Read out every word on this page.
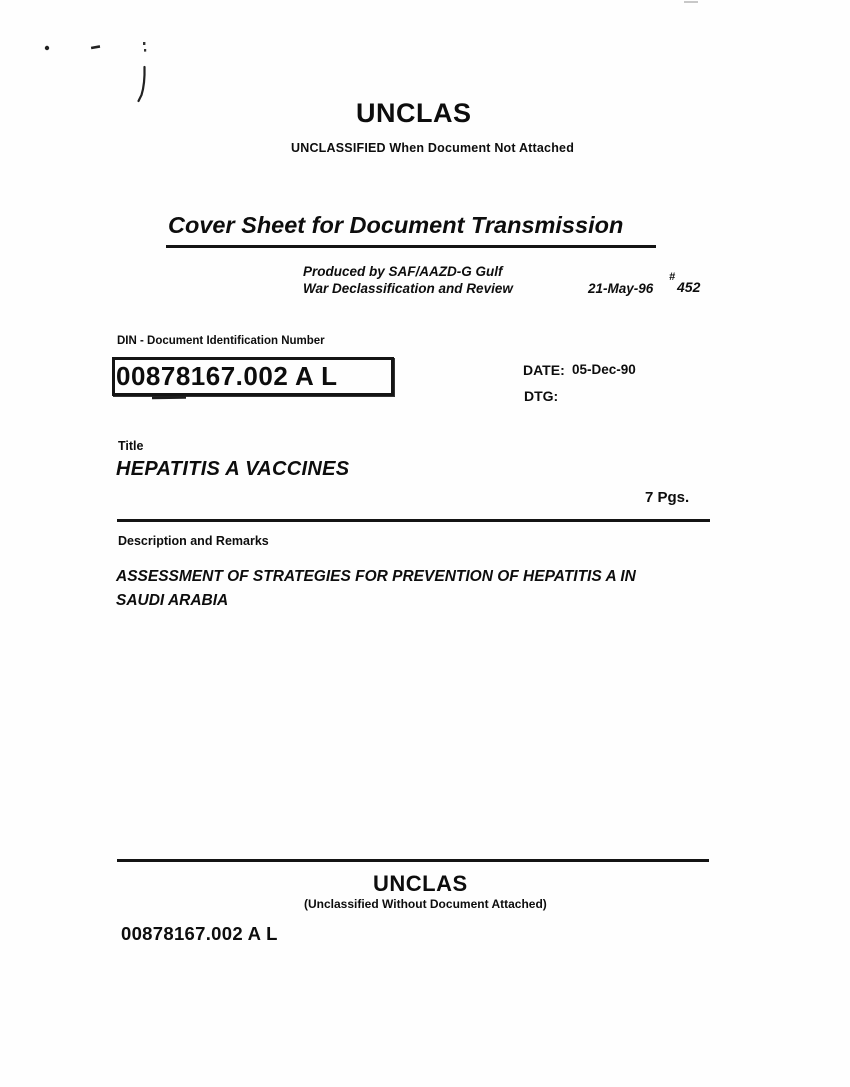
UNCLAS
UNCLASSIFIED When Document Not Attached
Cover Sheet for Document Transmission
Produced by SAF/AAZD-G Gulf
War Declassification and Review	21-May-96
#
452
DIN - Document Identification Number
00878167.002 A L	DATE: 05-Dec-90
DTG:
Title
HEPATITIS A VACCINES
7 Pgs.
Description and Remarks
ASSESSMENT OF STRATEGIES FOR PREVENTION OF HEPATITIS A IN
SAUDI ARABIA
UNCLAS
(Unclassified Without Document Attached)
00878167.002 A L
